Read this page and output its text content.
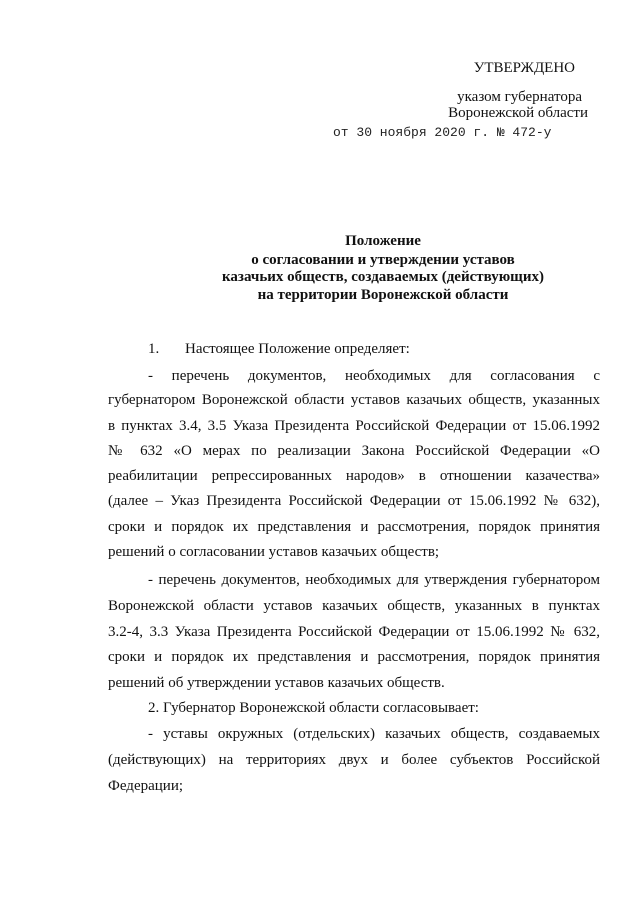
УТВЕРЖДЕНО
указом губернатора
Воронежской области
от 30 ноября 2020 г. № 472-у
Положение
о согласовании и утверждении уставов
казачьих обществ, создаваемых (действующих)
на территории Воронежской области
1. Настоящее Положение определяет:
- перечень документов, необходимых для согласования с
губернатором Воронежской области уставов казачьих обществ, указанных
в пунктах 3.4, 3.5 Указа Президента Российской Федерации от 15.06.1992
№ 632 «О мерах по реализации Закона Российской Федерации «О
реабилитации репрессированных народов» в отношении казачества»
(далее – Указ Президента Российской Федерации от 15.06.1992 № 632),
сроки и порядок их представления и рассмотрения, порядок принятия
решений о согласовании уставов казачьих обществ;
- перечень документов, необходимых для утверждения губернатором
Воронежской области уставов казачьих обществ, указанных в пунктах
3.2-4, 3.3 Указа Президента Российской Федерации от 15.06.1992 № 632,
сроки и порядок их представления и рассмотрения, порядок принятия
решений об утверждении уставов казачьих обществ.
2. Губернатор Воронежской области согласовывает:
- уставы окружных (отдельских) казачьих обществ, создаваемых
(действующих) на территориях двух и более субъектов Российской
Федерации;
